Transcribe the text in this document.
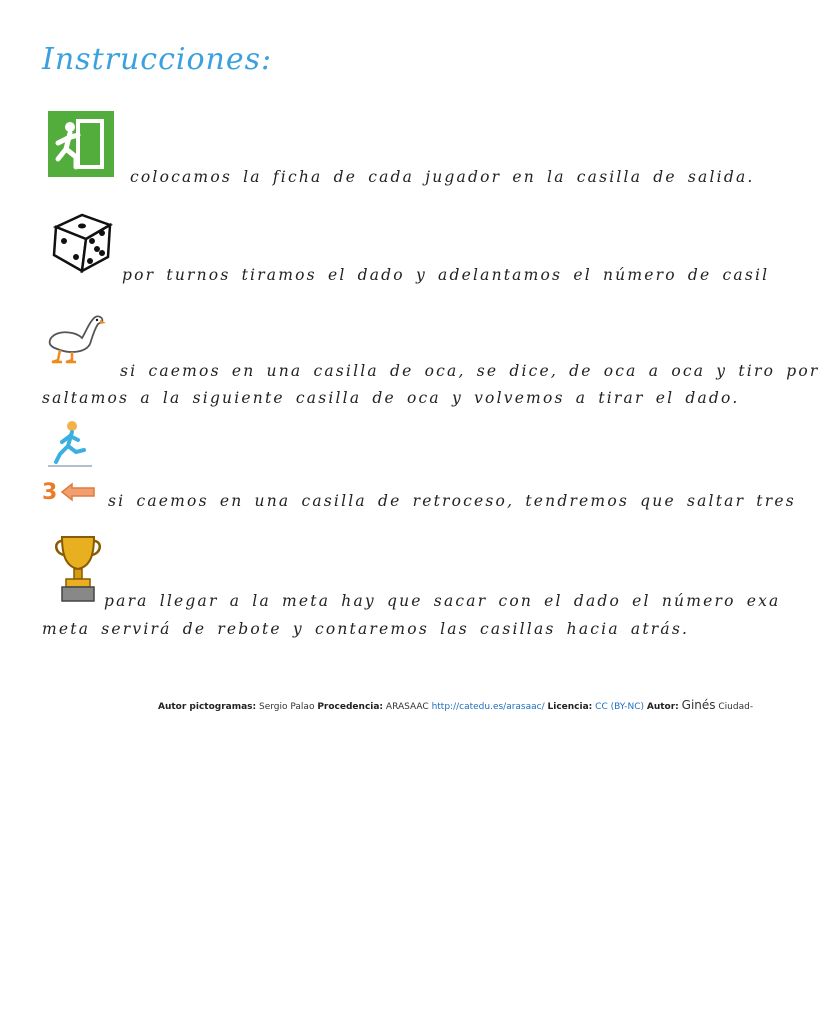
Instrucciones:
colocamos la ficha de cada jugador en la casilla de salida.
por turnos tiramos el dado y adelantamos el número de casil
si caemos en una casilla de oca, se dice, de oca a oca y tiro por
saltamos a la siguiente casilla de oca y volvemos a tirar el dado.
3	si caemos en una casilla de retroceso, tendremos que saltar tres
para llegar a la meta hay que sacar con el dado el número exa
meta servirá de rebote y contaremos las casillas hacia atrás.
Autor pictogramas: Sergio Palao Procedencia: ARASAAC http://catedu.es/arasaac/ Licencia: CC (BY-NC) Autor: Ginés Ciudad-
